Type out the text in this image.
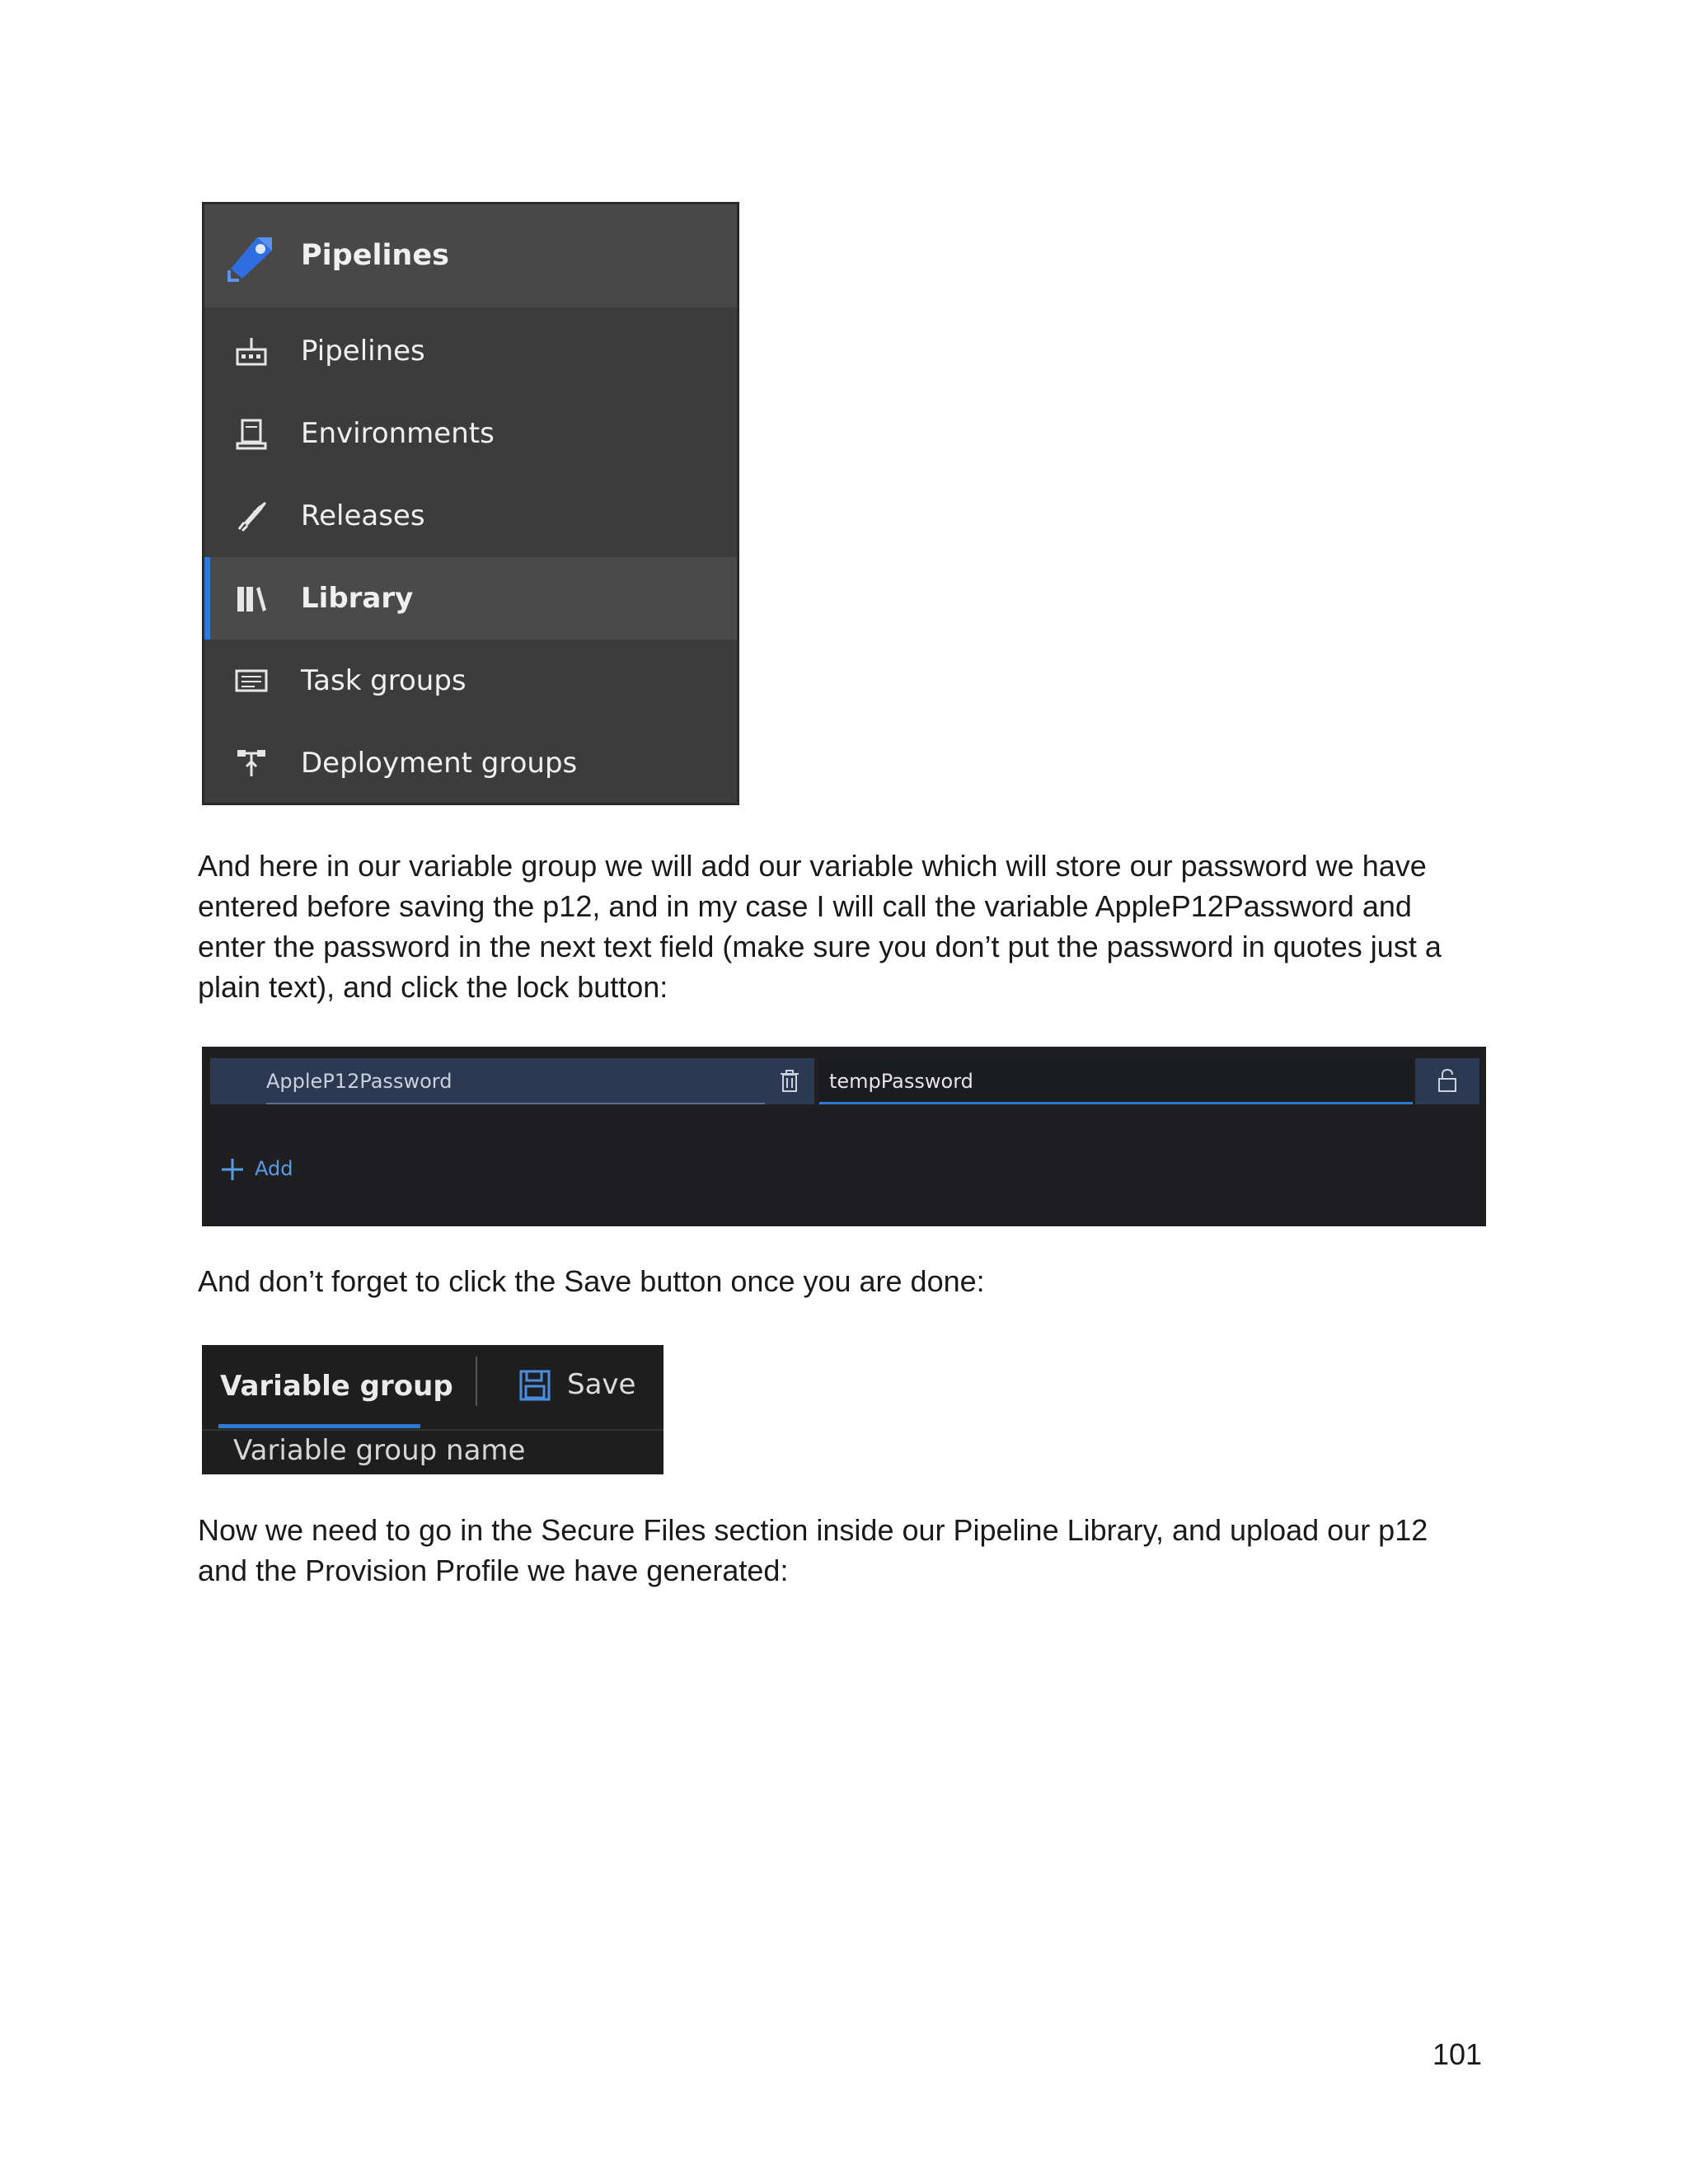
Pipelines
Pipelines
Environments
Releases
Library
Task groups
Deployment groups

And here in our variable group we will add our variable which will store our password we have
entered before saving the p12, and in my case I will call the variable AppleP12Password and
enter the password in the next text field (make sure you don’t put the password in quotes just a
plain text), and click the lock button:

AppleP12Password	tempPassword
Add

And don’t forget to click the Save button once you are done:

Variable group	Save
Variable group name

Now we need to go in the Secure Files section inside our Pipeline Library, and upload our p12
and the Provision Profile we have generated:

101
